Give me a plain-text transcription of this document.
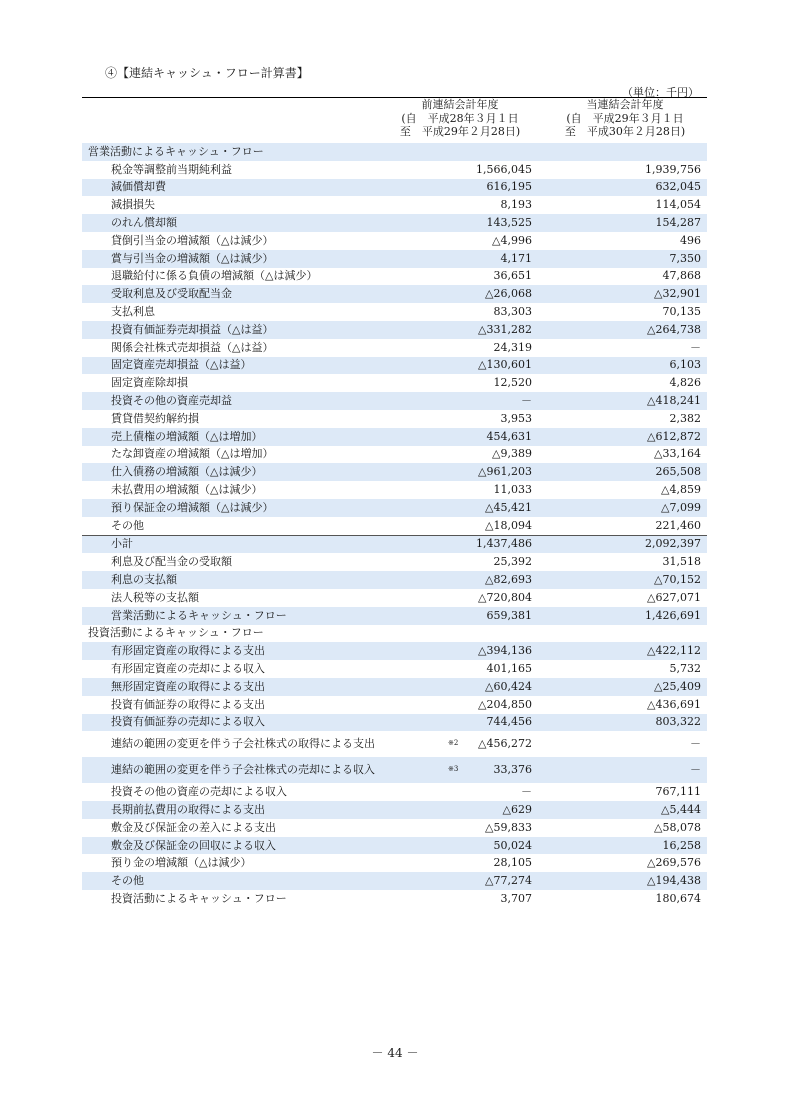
④【連結キャッシュ・フロー計算書】
（単位：千円）
前連結会計年度
(自　平成28年３月１日
至　平成29年２月28日)
当連結会計年度
(自　平成29年３月１日
至　平成30年２月28日)
営業活動によるキャッシュ・フロー		
税金等調整前当期純利益	1,566,045	1,939,756
減価償却費	616,195	632,045
減損損失	8,193	114,054
のれん償却額	143,525	154,287
貸倒引当金の増減額（△は減少）	△4,996	496
賞与引当金の増減額（△は減少）	4,171	7,350
退職給付に係る負債の増減額（△は減少）	36,651	47,868
受取利息及び受取配当金	△26,068	△32,901
支払利息	83,303	70,135
投資有価証券売却損益（△は益）	△331,282	△264,738
関係会社株式売却損益（△は益）	24,319	－
固定資産売却損益（△は益）	△130,601	6,103
固定資産除却損	12,520	4,826
投資その他の資産売却益	－	△418,241
賃貸借契約解約損	3,953	2,382
売上債権の増減額（△は増加）	454,631	△612,872
たな卸資産の増減額（△は増加）	△9,389	△33,164
仕入債務の増減額（△は減少）	△961,203	265,508
未払費用の増減額（△は減少）	11,033	△4,859
預り保証金の増減額（△は減少）	△45,421	△7,099
その他	△18,094	221,460
小計	1,437,486	2,092,397
利息及び配当金の受取額	25,392	31,518
利息の支払額	△82,693	△70,152
法人税等の支払額	△720,804	△627,071
営業活動によるキャッシュ・フロー	659,381	1,426,691
投資活動によるキャッシュ・フロー		
有形固定資産の取得による支出	△394,136	△422,112
有形固定資産の売却による収入	401,165	5,732
無形固定資産の取得による支出	△60,424	△25,409
投資有価証券の取得による支出	△204,850	△436,691
投資有価証券の売却による収入	744,456	803,322
連結の範囲の変更を伴う子会社株式の取得による支出	※2 △456,272	－
連結の範囲の変更を伴う子会社株式の売却による収入	※3 33,376	－
投資その他の資産の売却による収入	－	767,111
長期前払費用の取得による支出	△629	△5,444
敷金及び保証金の差入による支出	△59,833	△58,078
敷金及び保証金の回収による収入	50,024	16,258
預り金の増減額（△は減少）	28,105	△269,576
その他	△77,274	△194,438
投資活動によるキャッシュ・フロー	3,707	180,674
－ 44 －
